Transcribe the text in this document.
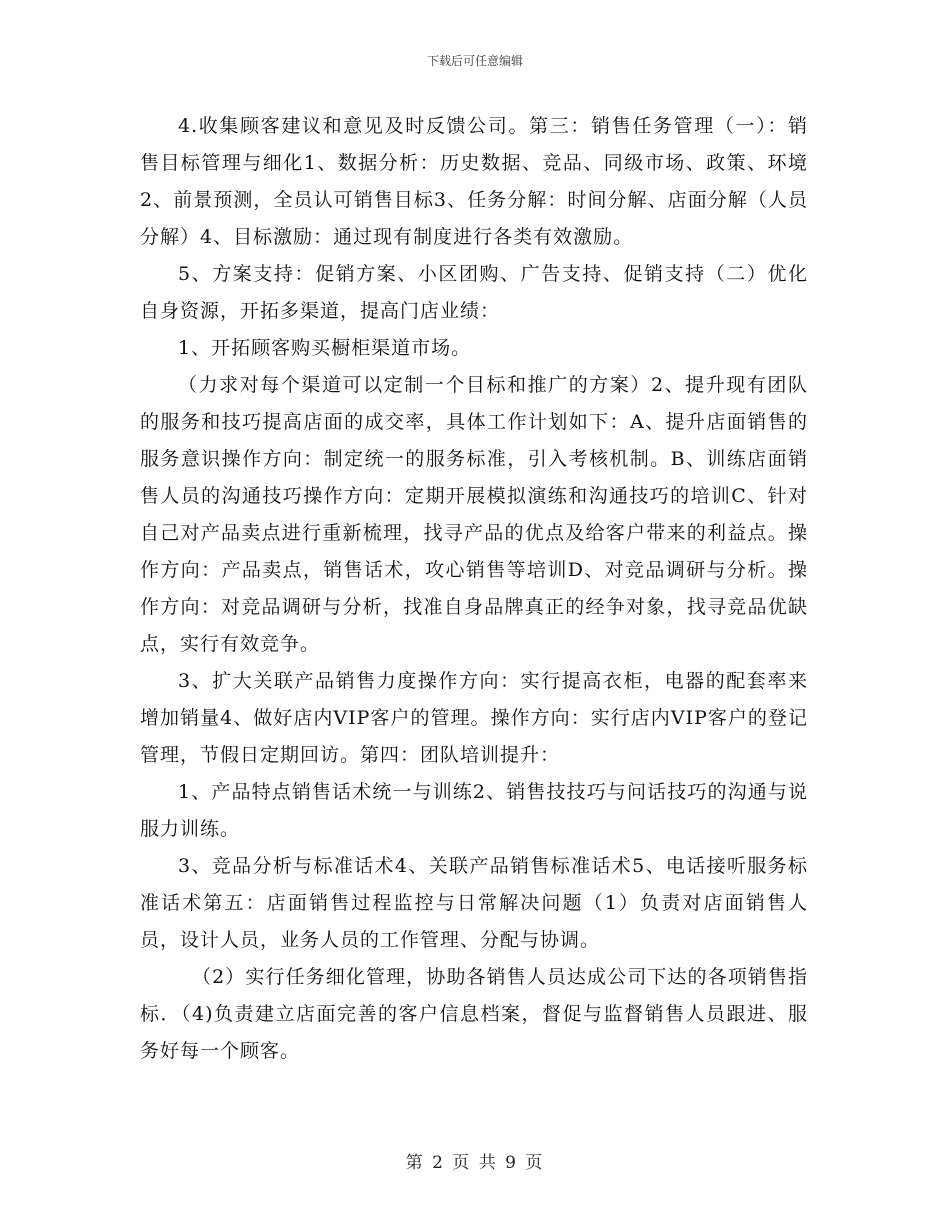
下载后可任意编辑

4.收集顾客建议和意见及时反馈公司。第三：销售任务管理（一）：销售目标管理与细化1、数据分析：历史数据、竞品、同级市场、政策、环境2、前景预测，全员认可销售目标3、任务分解：时间分解、店面分解（人员分解）4、目标激励：通过现有制度进行各类有效激励。

5、方案支持：促销方案、小区团购、广告支持、促销支持（二）优化自身资源，开拓多渠道，提高门店业绩：

1、开拓顾客购买橱柜渠道市场。

（力求对每个渠道可以定制一个目标和推广的方案）2、提升现有团队的服务和技巧提高店面的成交率，具体工作计划如下：A、提升店面销售的服务意识操作方向：制定统一的服务标准，引入考核机制。B、训练店面销售人员的沟通技巧操作方向：定期开展模拟演练和沟通技巧的培训C、针对自己对产品卖点进行重新梳理，找寻产品的优点及给客户带来的利益点。操作方向：产品卖点，销售话术，攻心销售等培训D、对竞品调研与分析。操作方向：对竞品调研与分析，找准自身品牌真正的经争对象，找寻竞品优缺点，实行有效竞争。

3、扩大关联产品销售力度操作方向：实行提高衣柜，电器的配套率来增加销量4、做好店内VIP客户的管理。操作方向：实行店内VIP客户的登记管理，节假日定期回访。第四：团队培训提升：

1、产品特点销售话术统一与训练2、销售技技巧与问话技巧的沟通与说服力训练。

3、竞品分析与标准话术4、关联产品销售标准话术5、电话接听服务标准话术第五：店面销售过程监控与日常解决问题（1）负责对店面销售人员，设计人员，业务人员的工作管理、分配与协调。

（2）实行任务细化管理，协助各销售人员达成公司下达的各项销售指标．（4)负责建立店面完善的客户信息档案，督促与监督销售人员跟进、服务好每一个顾客。

第 2 页 共 9 页
